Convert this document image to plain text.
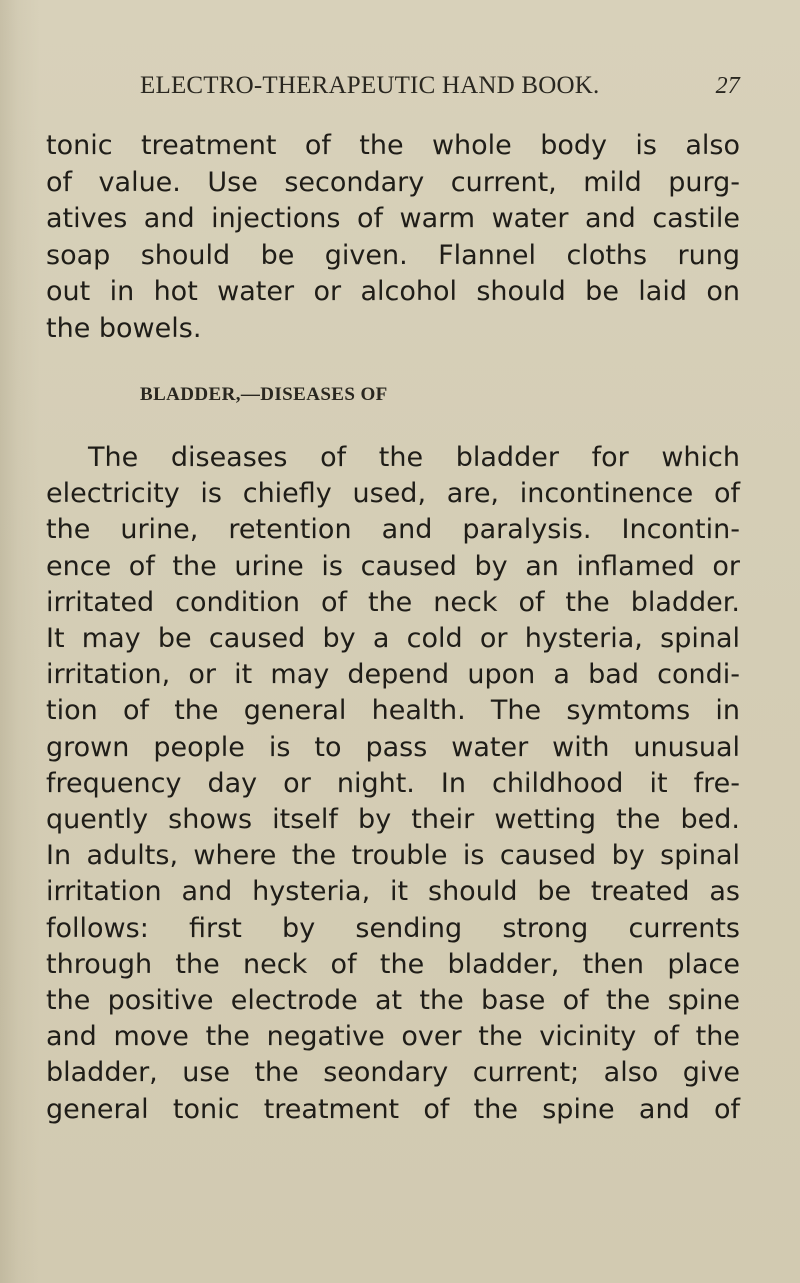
ELECTRO-THERAPEUTIC HAND BOOK.	27
tonic treatment of the whole body is also
of value. Use secondary current, mild purg-
atives and injections of warm water and castile
soap should be given. Flannel cloths rung
out in hot water or alcohol should be laid on
the bowels.
BLADDER,—DISEASES OF
The diseases of the bladder for which
electricity is chiefly used, are, incontinence of
the urine, retention and paralysis. Incontin-
ence of the urine is caused by an inflamed or
irritated condition of the neck of the bladder.
It may be caused by a cold or hysteria, spinal
irritation, or it may depend upon a bad condi-
tion of the general health. The symtoms in
grown people is to pass water with unusual
frequency day or night. In childhood it fre-
quently shows itself by their wetting the bed.
In adults, where the trouble is caused by spinal
irritation and hysteria, it should be treated as
follows: first by sending strong currents
through the neck of the bladder, then place
the positive electrode at the base of the spine
and move the negative over the vicinity of the
bladder, use the seondary current; also give
general tonic treatment of the spine and of
